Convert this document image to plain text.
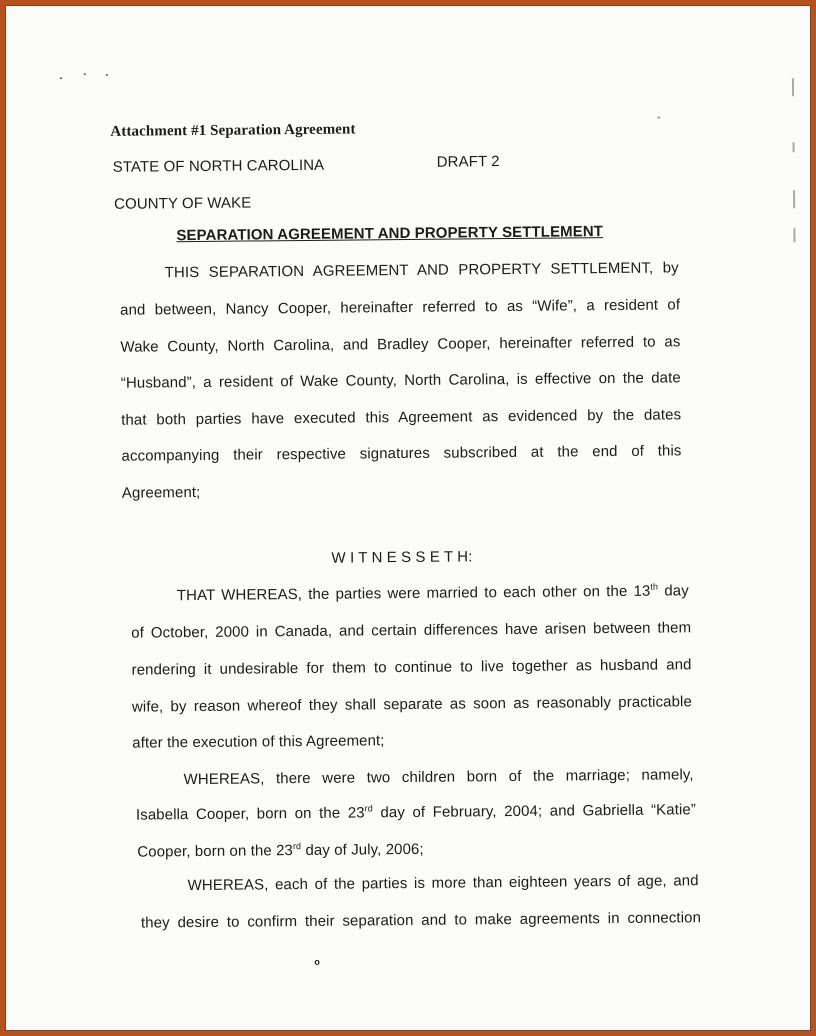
Attachment #1 Separation Agreement
STATE OF NORTH CAROLINA	DRAFT 2
COUNTY OF WAKE
SEPARATION AGREEMENT AND PROPERTY SETTLEMENT
THIS SEPARATION AGREEMENT AND PROPERTY SETTLEMENT, by
and between, Nancy Cooper, hereinafter referred to as “Wife”, a resident of
Wake County, North Carolina, and Bradley Cooper, hereinafter referred to as
“Husband”, a resident of Wake County, North Carolina, is effective on the date
that both parties have executed this Agreement as evidenced by the dates
accompanying their respective signatures subscribed at the end of this
Agreement;
W I T N E S S E T H:
THAT WHEREAS, the parties were married to each other on the 13th day
of October, 2000 in Canada, and certain differences have arisen between them
rendering it undesirable for them to continue to live together as husband and
wife, by reason whereof they shall separate as soon as reasonably practicable
after the execution of this Agreement;
WHEREAS, there were two children born of the marriage; namely,
Isabella Cooper, born on the 23rd day of February, 2004; and Gabriella “Katie”
Cooper, born on the 23rd day of July, 2006;
WHEREAS, each of the parties is more than eighteen years of age, and
they desire to confirm their separation and to make agreements in connection
o
